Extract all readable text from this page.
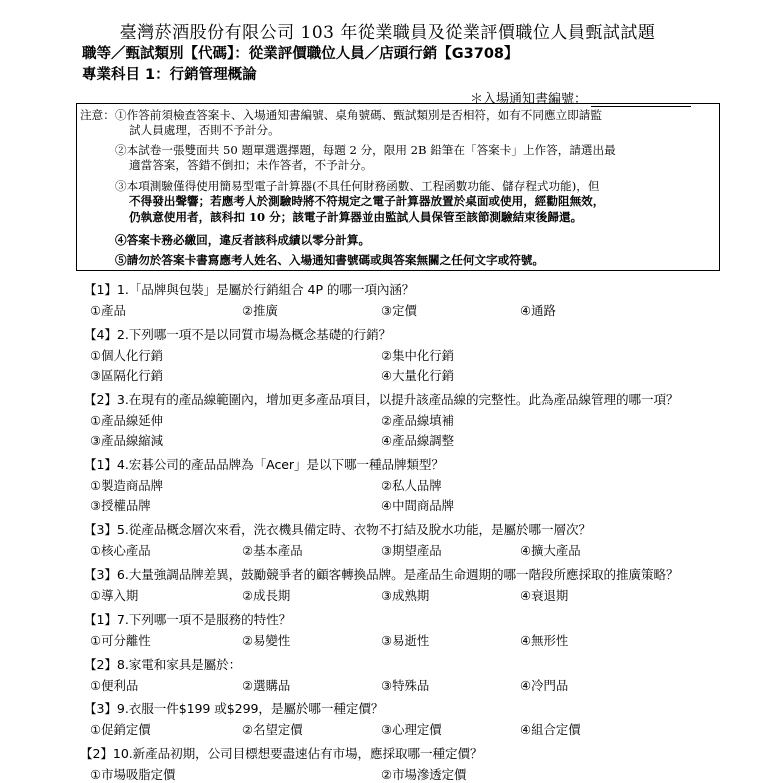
臺灣菸酒股份有限公司 103 年從業職員及從業評價職位人員甄試試題
職等／甄試類別【代碼】：從業評價職位人員／店頭行銷【G3708】
專業科目 1：行銷管理概論
＊入場通知書編號：
注意： ①作答前須檢查答案卡、入場通知書編號、桌角號碼、甄試類別是否相符，如有不同應立即請監
試人員處理，否則不予計分。
②本試卷一張雙面共 50 題單選選擇題，每題 2 分，限用 2B 鉛筆在「答案卡」上作答，請選出最
適當答案，答錯不倒扣；未作答者，不予計分。
③本項測驗僅得使用簡易型電子計算器(不具任何財務函數、工程函數功能、儲存程式功能)，但
不得發出聲響；若應考人於測驗時將不符規定之電子計算器放置於桌面或使用，經勸阻無效，
仍執意使用者，該科扣 10 分；該電子計算器並由監試人員保管至該節測驗結束後歸還。
④答案卡務必繳回，違反者該科成績以零分計算。
⑤請勿於答案卡書寫應考人姓名、入場通知書號碼或與答案無關之任何文字或符號。
【1】1.「品牌與包裝」是屬於行銷組合 4P 的哪一項內涵？
①產品	②推廣	③定價	④通路
【4】2.下列哪一項不是以同質市場為概念基礎的行銷？
①個人化行銷	②集中化行銷
③區隔化行銷	④大量化行銷
【2】3.在現有的產品線範圍內，增加更多產品項目，以提升該產品線的完整性。此為產品線管理的哪一項？
①產品線延伸	②產品線填補
③產品線縮減	④產品線調整
【1】4.宏碁公司的產品品牌為「Acer」是以下哪一種品牌類型？
①製造商品牌	②私人品牌
③授權品牌	④中間商品牌
【3】5.從產品概念層次來看，洗衣機具備定時、衣物不打結及脫水功能，是屬於哪一層次？
①核心產品	②基本產品	③期望產品	④擴大產品
【3】6.大量強調品牌差異，鼓勵競爭者的顧客轉換品牌。是產品生命週期的哪一階段所應採取的推廣策略？
①導入期	②成長期	③成熟期	④衰退期
【1】7.下列哪一項不是服務的特性？
①可分離性	②易變性	③易逝性	④無形性
【2】8.家電和家具是屬於：
①便利品	②選購品	③特殊品	④冷門品
【3】9.衣服一件$199 或$299，是屬於哪一種定價？
①促銷定價	②名望定價	③心理定價	④組合定價
【2】10.新產品初期，公司目標想要盡速佔有市場，應採取哪一種定價？
①市場吸脂定價	②市場滲透定價
